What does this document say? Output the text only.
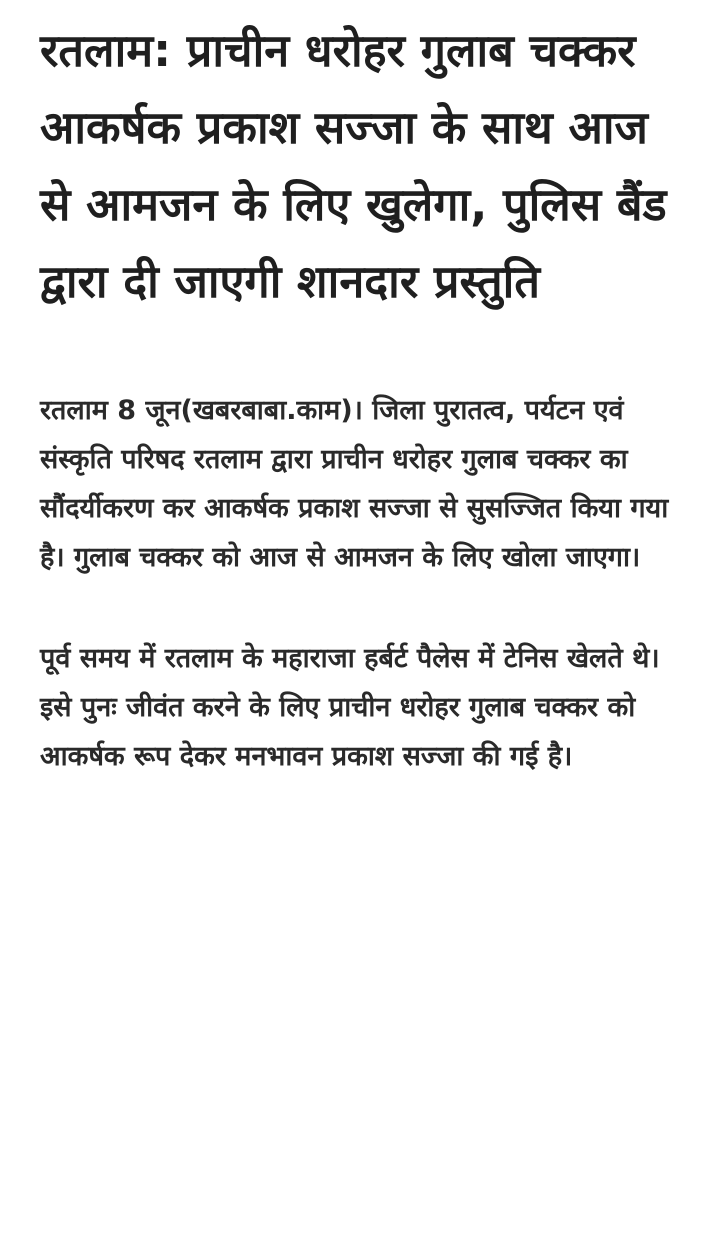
रतलाम: प्राचीन धरोहर गुलाब चक्कर आकर्षक प्रकाश सज्जा के साथ आज से आमजन के लिए खुलेगा, पुलिस बैंड द्वारा दी जाएगी शानदार प्रस्तुति

रतलाम 8 जून(खबरबाबा.काम)। जिला पुरातत्व, पर्यटन एवं संस्कृति परिषद रतलाम द्वारा प्राचीन धरोहर गुलाब चक्कर का सौंदर्यीकरण कर आकर्षक प्रकाश सज्जा से सुसज्जित किया गया है। गुलाब चक्कर को आज से आमजन के लिए खोला जाएगा।

पूर्व समय में रतलाम के महाराजा हर्बर्ट पैलेस में टेनिस खेलते थे। इसे पुनः जीवंत करने के लिए प्राचीन धरोहर गुलाब चक्कर को आकर्षक रूप देकर मनभावन प्रकाश सज्जा की गई है।
